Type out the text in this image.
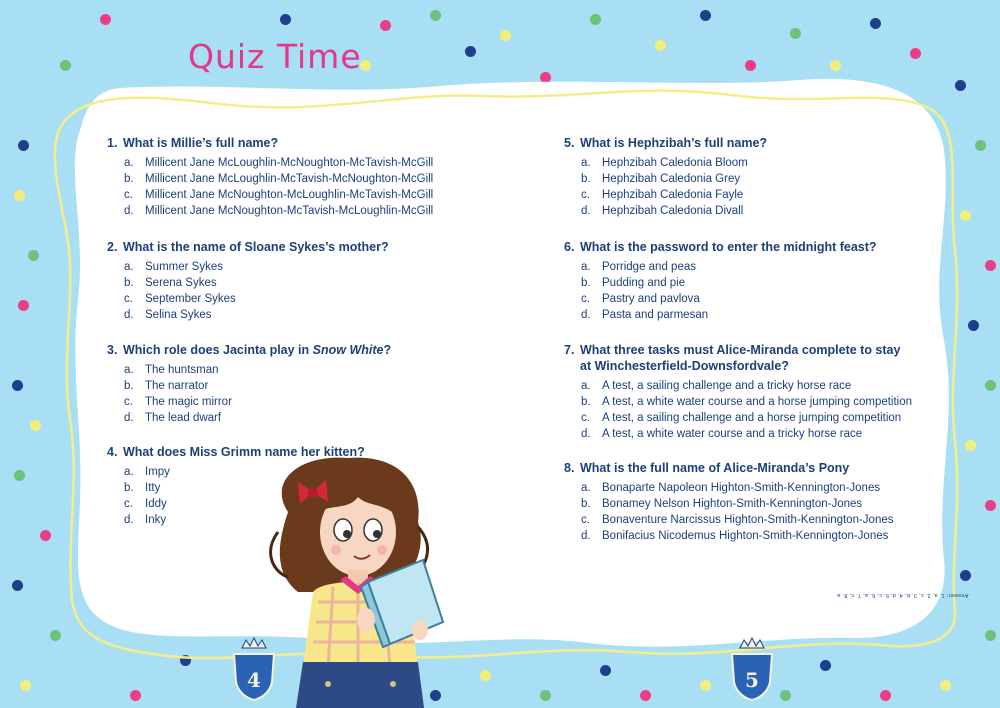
Quiz Time

1. What is Millie’s full name?

a. Millicent Jane McLoughlin-McNoughton-McTavish-McGill
b. Millicent Jane McLoughlin-McTavish-McNoughton-McGill
c. Millicent Jane McNoughton-McLoughlin-McTavish-McGill
d. Millicent Jane McNoughton-McTavish-McLoughlin-McGill

2. What is the name of Sloane Sykes’s mother?

a. Summer Sykes
b. Serena Sykes
c. September Sykes
d. Selina Sykes

3. Which role does Jacinta play in Snow White?

a. The huntsman
b. The narrator
c. The magic mirror
d. The lead dwarf

4. What does Miss Grimm name her kitten?

a. Impy
b. Itty
c. Iddy
d. Inky

5. What is Hephzibah’s full name?

a. Hephzibah Caledonia Bloom
b. Hephzibah Caledonia Grey
c. Hephzibah Caledonia Fayle
d. Hephzibah Caledonia Divall

6. What is the password to enter the midnight feast?

a. Porridge and peas
b. Pudding and pie
c. Pastry and pavlova
d. Pasta and parmesan

7. What three tasks must Alice-Miranda complete to stay
at Winchesterfield-Downsfordvale?

a. A test, a sailing challenge and a tricky horse race
b. A test, a white water course and a horse jumping competition
c. A test, a sailing challenge and a horse jumping competition
d. A test, a white water course and a tricky horse race

8. What is the full name of Alice-Miranda’s Pony

a. Bonaparte Napoleon Highton-Smith-Kennington-Jones
b. Bonamey Nelson Highton-Smith-Kennington-Jones
c. Bonaventure Narcissus Highton-Smith-Kennington-Jones
d. Bonifacius Nicodemus Highton-Smith-Kennington-Jones
Answer: 1. a, 2. c, 3. b, 4. d, 5. c, 6. a, 7. c, 8. a
4	5
